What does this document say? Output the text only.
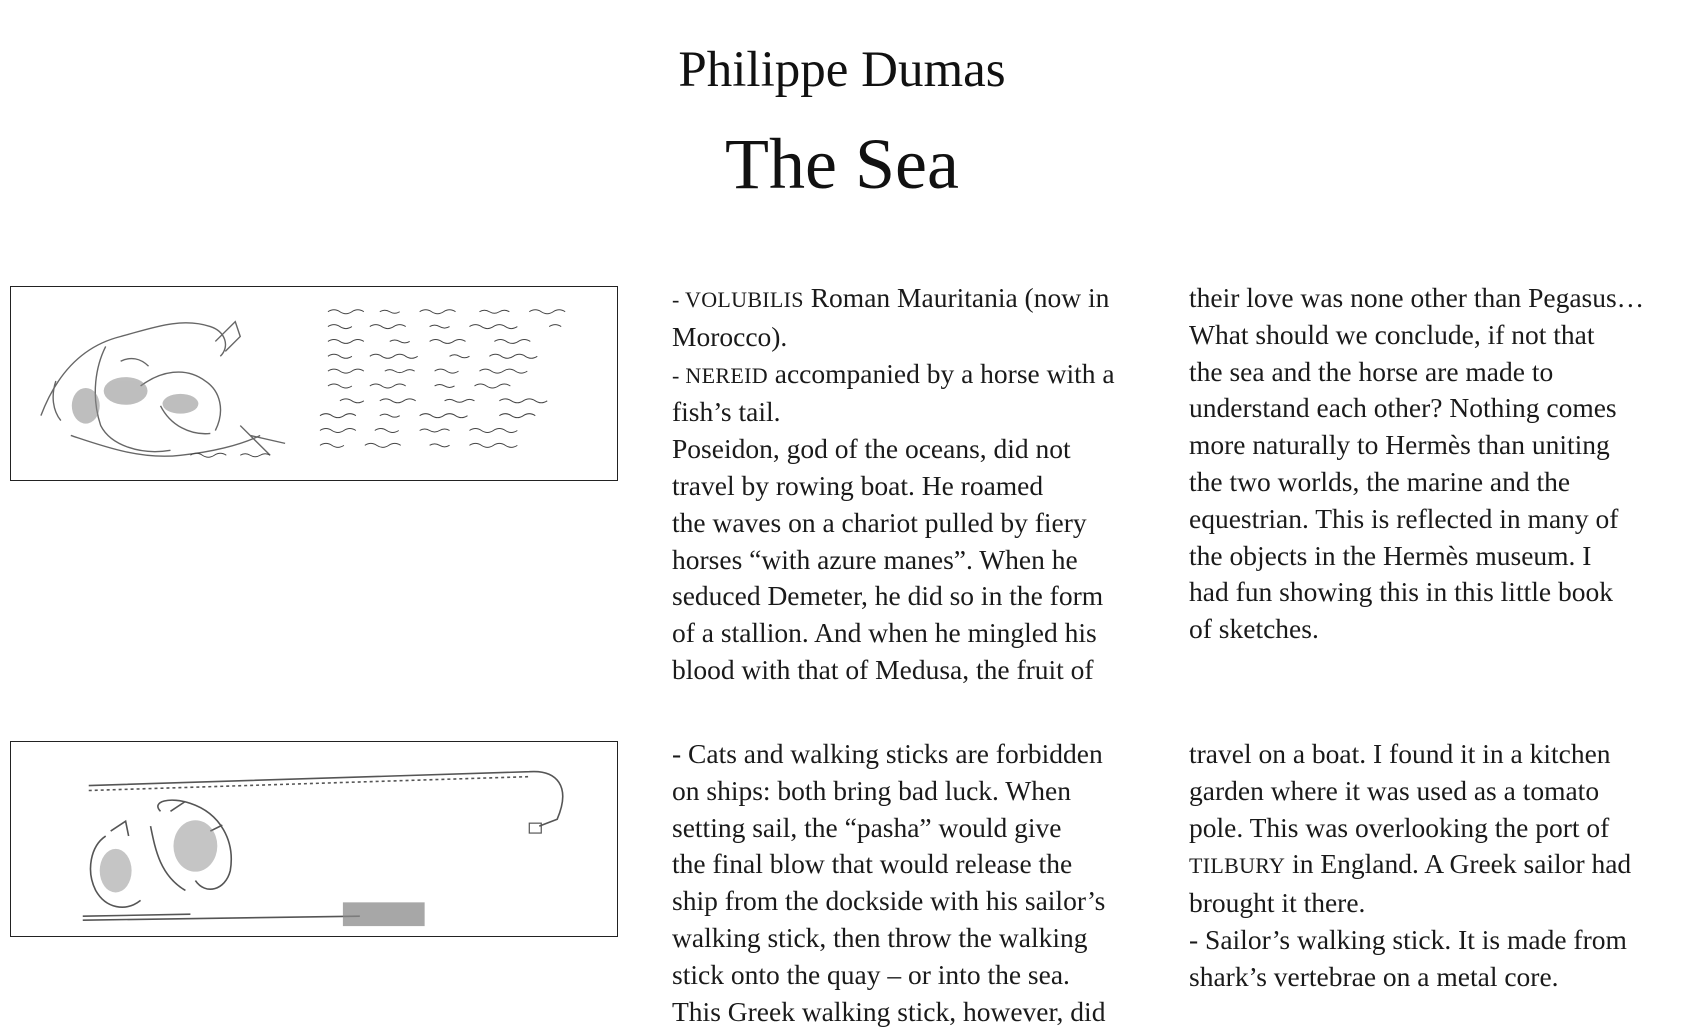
Philippe Dumas
The Sea

- VOLUBILIS Roman Mauritania (now in Morocco).

- NEREID accompanied by a horse with a fish’s tail.

Poseidon, god of the oceans, did not
travel by rowing boat. He roamed
the waves on a chariot pulled by fiery
horses “with azure manes”. When he
seduced Demeter, he did so in the form
of a stallion. And when he mingled his
blood with that of Medusa, the fruit of

their love was none other than Pegasus…
What should we conclude, if not that
the sea and the horse are made to
understand each other? Nothing comes
more naturally to Hermès than uniting
the two worlds, the marine and the
equestrian. This is reflected in many of
the objects in the Hermès museum. I
had fun showing this in this little book
of sketches.

- Cats and walking sticks are forbidden
on ships: both bring bad luck. When
setting sail, the “pasha” would give
the final blow that would release the
ship from the dockside with his sailor’s
walking stick, then throw the walking
stick onto the quay – or into the sea.
This Greek walking stick, however, did

travel on a boat. I found it in a kitchen
garden where it was used as a tomato
pole. This was overlooking the port of
TILBURY in England. A Greek sailor had
brought it there.
- Sailor’s walking stick. It is made from
shark’s vertebrae on a metal core.
